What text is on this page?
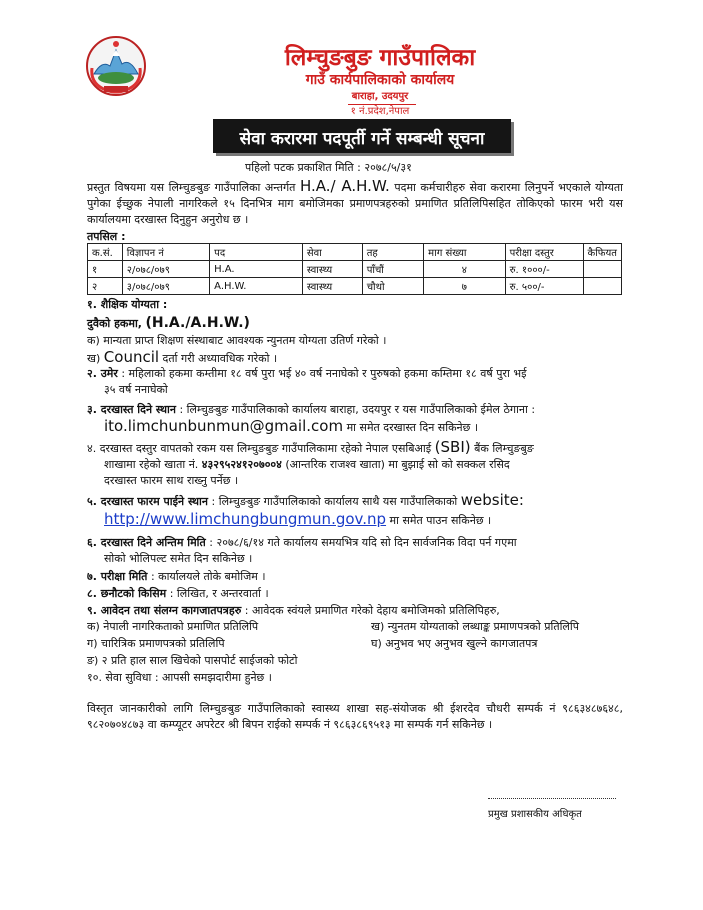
लिम्चुङबुङ गाउँपालिका
गाउँ कार्यपालिकाको कार्यालय
बाराहा, उदयपुर
१ नं.प्रदेश,नेपाल
सेवा करारमा पदपूर्ती गर्ने सम्बन्धी सूचना
पहिलो पटक प्रकाशित मिति : २०७८/५/३१

प्रस्तुत विषयमा यस लिम्चुङबुङ गाउँपालिका अन्तर्गत H.A./ A.H.W. पदमा कर्मचारीहरु सेवा करारमा लिनुपर्ने भएकाले योग्यता पुगेका ईच्छुक नेपाली नागरिकले १५ दिनभित्र माग बमोजिमका प्रमाणपत्रहरुको प्रमाणित प्रतिलिपिसहित तोकिएको फारम भरी यस कार्यालयमा दरखास्त दिनुहुन अनुरोध छ ।

तपसिल :
क.सं.	विज्ञापन नं	पद	सेवा	तह	माग संख्या	परीक्षा दस्तुर	कैफियत
१	२/०७८/०७९	H.A.	स्वास्थ्य	पाँचौं	४	रु. १०००/-	
२	३/०७८/०७९	A.H.W.	स्वास्थ्य	चौथो	७	रु. ५००/-	
१. शैक्षिक योग्यता :
दुवैको हकमा, (H.A./A.H.W.)
क) मान्यता प्राप्त शिक्षण संस्थाबाट आवश्यक न्युनतम योग्यता उतिर्ण गरेको ।
ख) Council दर्ता गरी अध्यावधिक गरेको ।
२. उमेर : महिलाको हकमा कम्तीमा १८ वर्ष पुरा भई ४० वर्ष ननाघेको र पुरुषको हकमा कम्तिमा १८ वर्ष पुरा भई
३५ वर्ष ननाघेको
३. दरखास्त दिने स्थान : लिम्चुङबुङ गाउँपालिकाको कार्यालय बाराहा, उदयपुर र यस गाउँपालिकाको ईमेल ठेगाना :
ito.limchunbunmun@gmail.com मा समेत दरखास्त दिन सकिनेछ ।
४. दरखास्त दस्तुर वापतको रकम यस लिम्चुङबुङ गाउँपालिकामा रहेको नेपाल एसबिआई (SBI) बैंक लिम्चुङबुङ
शाखामा रहेको खाता नं. ४३२९५२४१२०७००४ (आन्तरिक राजश्व खाता) मा बुझाई सो को सक्कल रसिद
दरखास्त फारम साथ राख्नु पर्नेछ ।
५. दरखास्त फारम पाईने स्थान : लिम्चुङबुङ गाउँपालिकाको कार्यालय साथै यस गाउँपालिकाको website:
http://www.limchungbungmun.gov.np मा समेत पाउन सकिनेछ ।
६. दरखास्त दिने अन्तिम मिति : २०७८/६/१४ गते कार्यालय समयभित्र यदि सो दिन सार्वजनिक विदा पर्न गएमा
सोको भोलिपल्ट समेत दिन सकिनेछ ।
७. परीक्षा मिति : कार्यालयले तोके बमोजिम ।
८. छनौटको किसिम : लिखित, र अन्तरवार्ता ।
९. आवेदन तथा संलग्न कागजातपत्रहरु : आवेदक स्वंयले प्रमाणित गरेको देहाय बमोजिमको प्रतिलिपिहरु,
क) नेपाली नागरिकताको प्रमाणित प्रतिलिपि	ख) न्युनतम योग्यताको लब्धाङ्क प्रमाणपत्रको प्रतिलिपि
ग) चारित्रिक प्रमाणपत्रको प्रतिलिपि	घ) अनुभव भए अनुभव खुल्ने कागजातपत्र
ङ) २ प्रति हाल साल खिचेको पासपोर्ट साईजको फोटो
१०. सेवा सुविधा : आपसी समझदारीमा हुनेछ ।

विस्तृत जानकारीको लागि लिम्चुङबुङ गाउँपालिकाको स्वास्थ्य शाखा सह-संयोजक श्री ईशरदेव चौधरी सम्पर्क नं ९८६३४८७६४८, ९८२०७०४८७३ वा कम्प्यूटर अपरेटर श्री बिपन राईको सम्पर्क नं ९८६३८६९५१३ मा सम्पर्क गर्न सकिनेछ ।

प्रमुख प्रशासकीय अधिकृत
